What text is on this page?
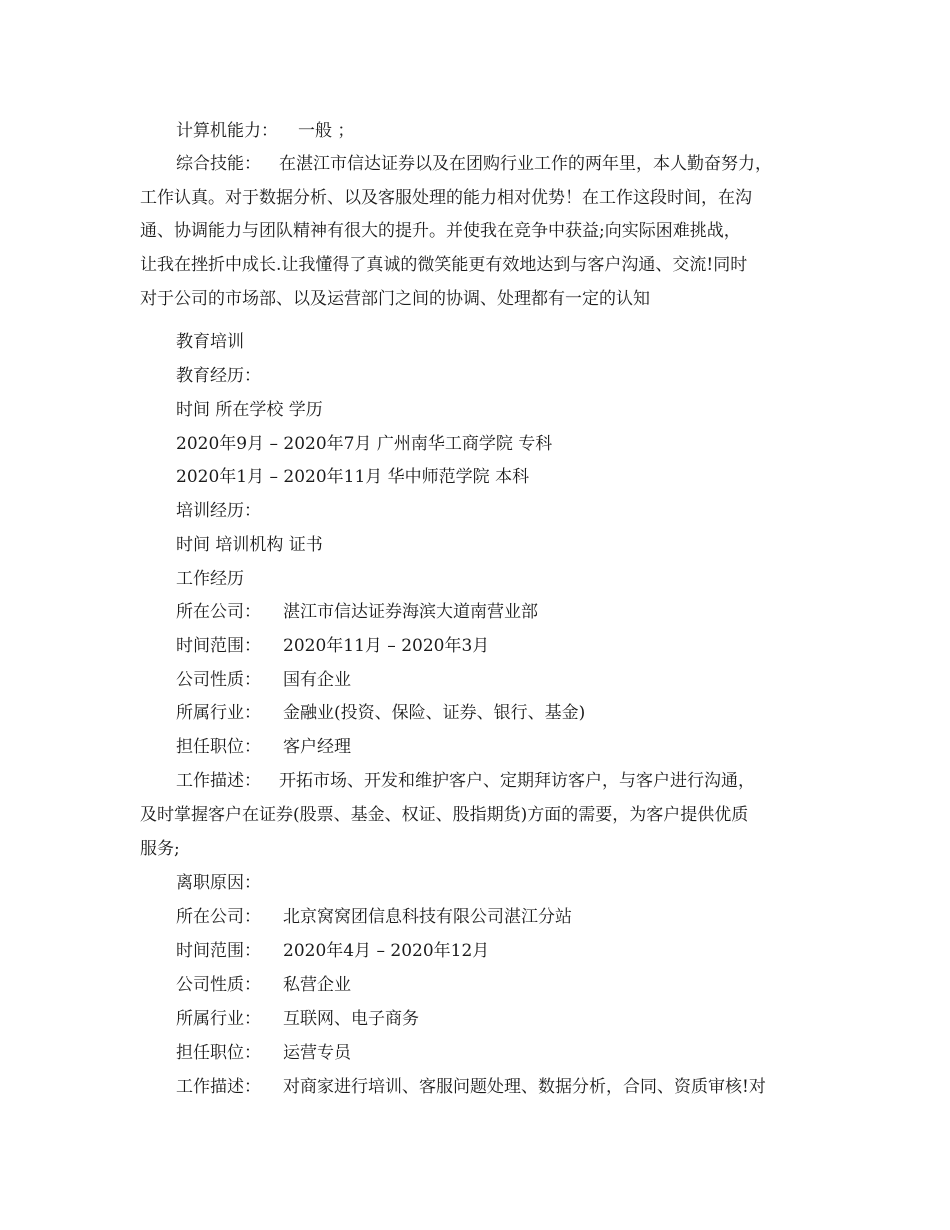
计算机能力： 一般 ；
综合技能： 在湛江市信达证券以及在团购行业工作的两年里，本人勤奋努力，
工作认真。对于数据分析、以及客服处理的能力相对优势！在工作这段时间，在沟
通、协调能力与团队精神有很大的提升。并使我在竞争中获益;向实际困难挑战，
让我在挫折中成长.让我懂得了真诚的微笑能更有效地达到与客户沟通、交流!同时
对于公司的市场部、以及运营部门之间的协调、处理都有一定的认知
教育培训
教育经历：
时间 所在学校 学历
2020年9月 – 2020年7月 广州南华工商学院 专科
2020年1月 – 2020年11月 华中师范学院 本科
培训经历：
时间 培训机构 证书
工作经历
所在公司： 湛江市信达证券海滨大道南营业部
时间范围： 2020年11月 – 2020年3月
公司性质： 国有企业
所属行业： 金融业(投资、保险、证券、银行、基金)
担任职位： 客户经理
工作描述： 开拓市场、开发和维护客户、定期拜访客户，与客户进行沟通，
及时掌握客户在证券(股票、基金、权证、股指期货)方面的需要，为客户提供优质
服务;
离职原因：
所在公司： 北京窝窝团信息科技有限公司湛江分站
时间范围： 2020年4月 – 2020年12月
公司性质： 私营企业
所属行业： 互联网、电子商务
担任职位： 运营专员
工作描述： 对商家进行培训、客服问题处理、数据分析，合同、资质审核!对
